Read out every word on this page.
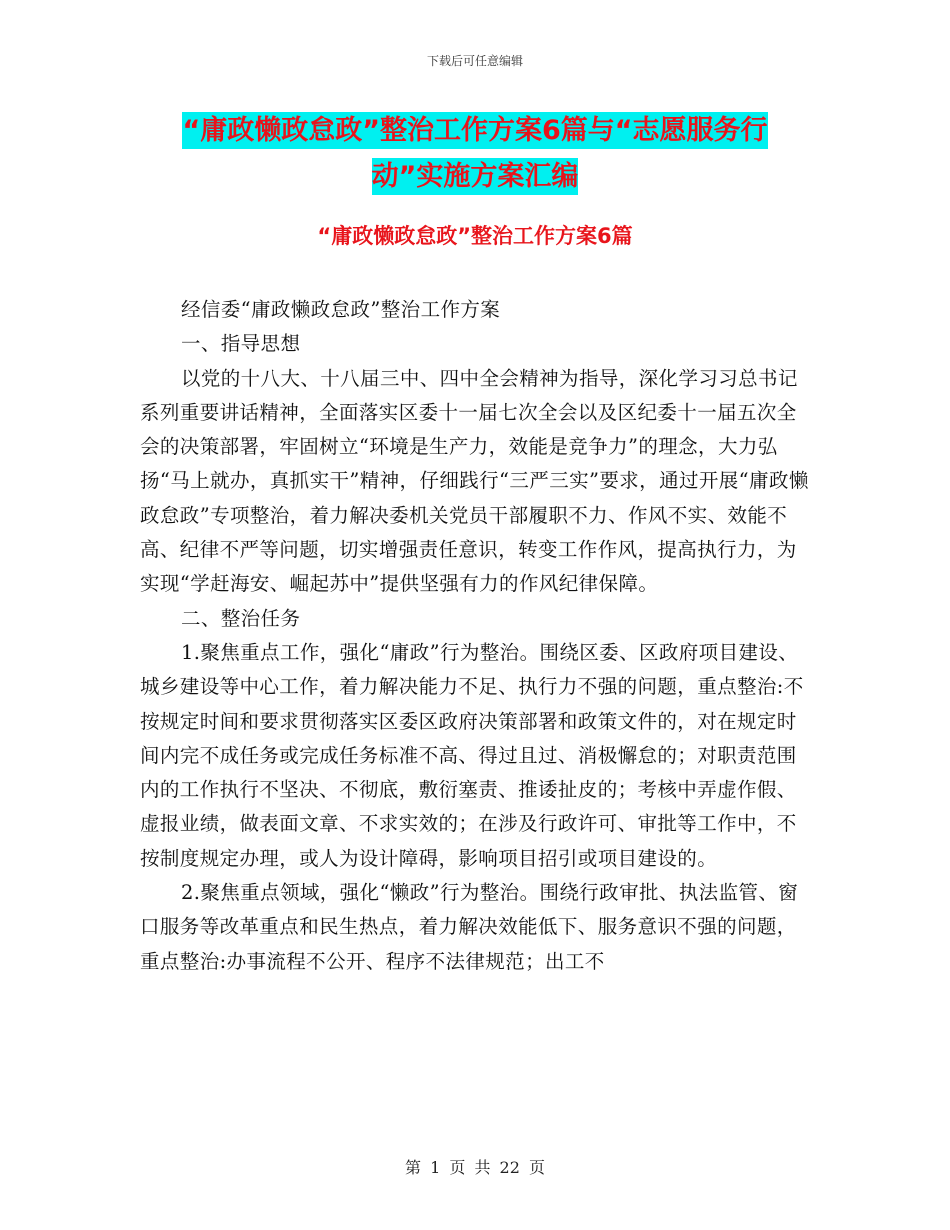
下载后可任意编辑
“庸政懒政怠政”整治工作方案6篇与“志愿服务行
动”实施方案汇编
“庸政懒政怠政”整治工作方案6篇

经信委“庸政懒政怠政”整治工作方案

一、指导思想

以党的十八大、十八届三中、四中全会精神为指导，深化学习习总书记系列重要讲话精神，全面落实区委十一届七次全会以及区纪委十一届五次全会的决策部署，牢固树立“环境是生产力，效能是竞争力”的理念，大力弘扬“马上就办，真抓实干”精神，仔细践行“三严三实”要求，通过开展“庸政懒政怠政”专项整治，着力解决委机关党员干部履职不力、作风不实、效能不高、纪律不严等问题，切实增强责任意识，转变工作作风，提高执行力，为实现“学赶海安、崛起苏中”提供坚强有力的作风纪律保障。

二、整治任务

1.聚焦重点工作，强化“庸政”行为整治。围绕区委、区政府项目建设、城乡建设等中心工作，着力解决能力不足、执行力不强的问题，重点整治:不按规定时间和要求贯彻落实区委区政府决策部署和政策文件的，对在规定时间内完不成任务或完成任务标准不高、得过且过、消极懈怠的；对职责范围内的工作执行不坚决、不彻底，敷衍塞责、推诿扯皮的；考核中弄虚作假、虚报业绩，做表面文章、不求实效的；在涉及行政许可、审批等工作中，不按制度规定办理，或人为设计障碍，影响项目招引或项目建设的。

2.聚焦重点领域，强化“懒政”行为整治。围绕行政审批、执法监管、窗口服务等改革重点和民生热点，着力解决效能低下、服务意识不强的问题，重点整治:办事流程不公开、程序不法律规范；出工不

第 1 页 共 22 页
